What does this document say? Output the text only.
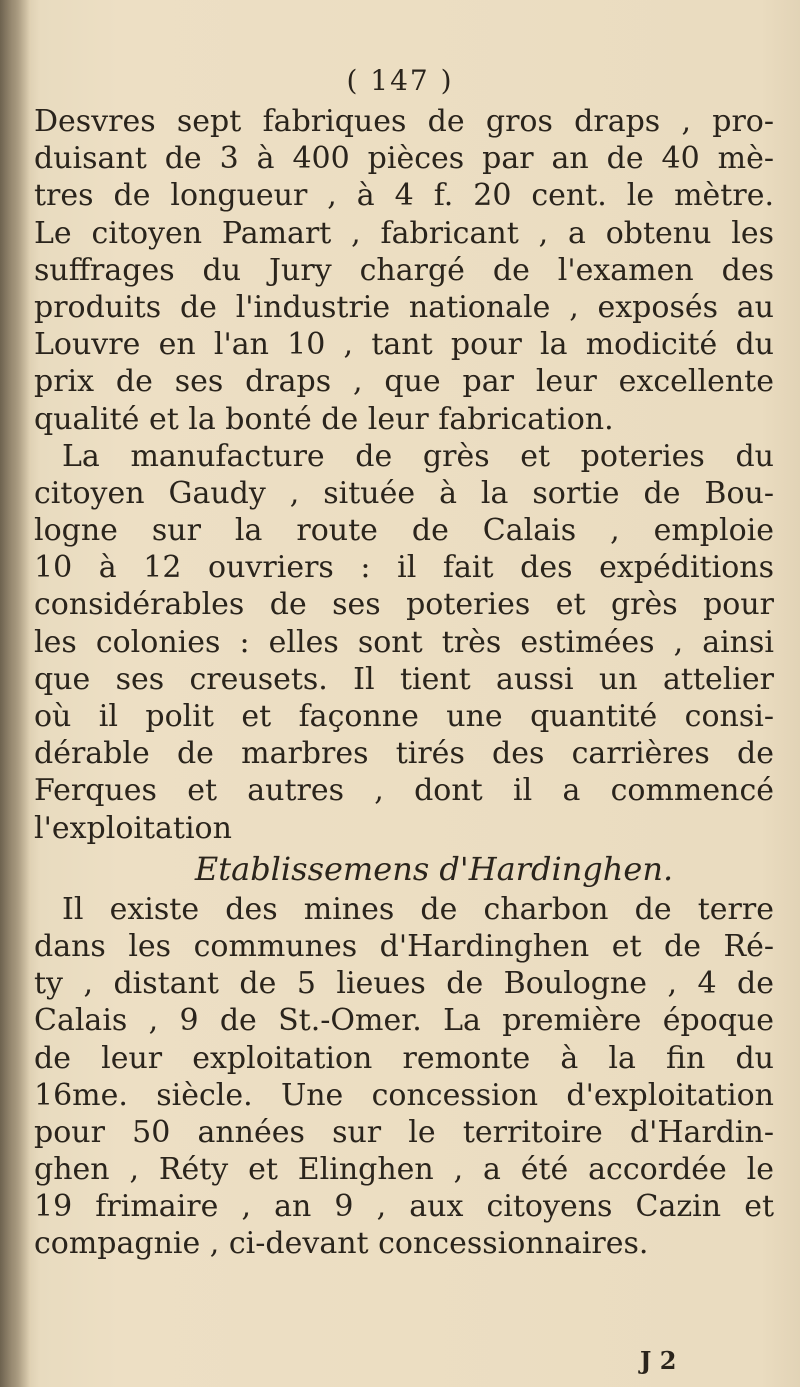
( 147 )
Desvres sept fabriques de gros draps , pro-
duisant de 3 à 400 pièces par an de 40 mè-
tres de longueur , à 4 f. 20 cent. le mètre.
Le citoyen Pamart , fabricant , a obtenu les
suffrages du Jury chargé de l'examen des
produits de l'industrie nationale , exposés au
Louvre en l'an 10 , tant pour la modicité du
prix de ses draps , que par leur excellente
qualité et la bonté de leur fabrication.
La manufacture de grès et poteries du
citoyen Gaudy , située à la sortie de Bou-
logne sur la route de Calais , emploie
10 à 12 ouvriers : il fait des expéditions
considérables de ses poteries et grès pour
les colonies : elles sont très estimées , ainsi
que ses creusets. Il tient aussi un attelier
où il polit et façonne une quantité consi-
dérable de marbres tirés des carrières de
Ferques et autres , dont il a commencé
l'exploitation
Etablissemens d'Hardinghen.
Il existe des mines de charbon de terre
dans les communes d'Hardinghen et de Ré-
ty , distant de 5 lieues de Boulogne , 4 de
Calais , 9 de St.-Omer. La première époque
de leur exploitation remonte à la fin du
16me. siècle. Une concession d'exploitation
pour 50 années sur le territoire d'Hardin-
ghen , Réty et Elinghen , a été accordée le
19 frimaire , an 9 , aux citoyens Cazin et
compagnie , ci-devant concessionnaires.
J 2
